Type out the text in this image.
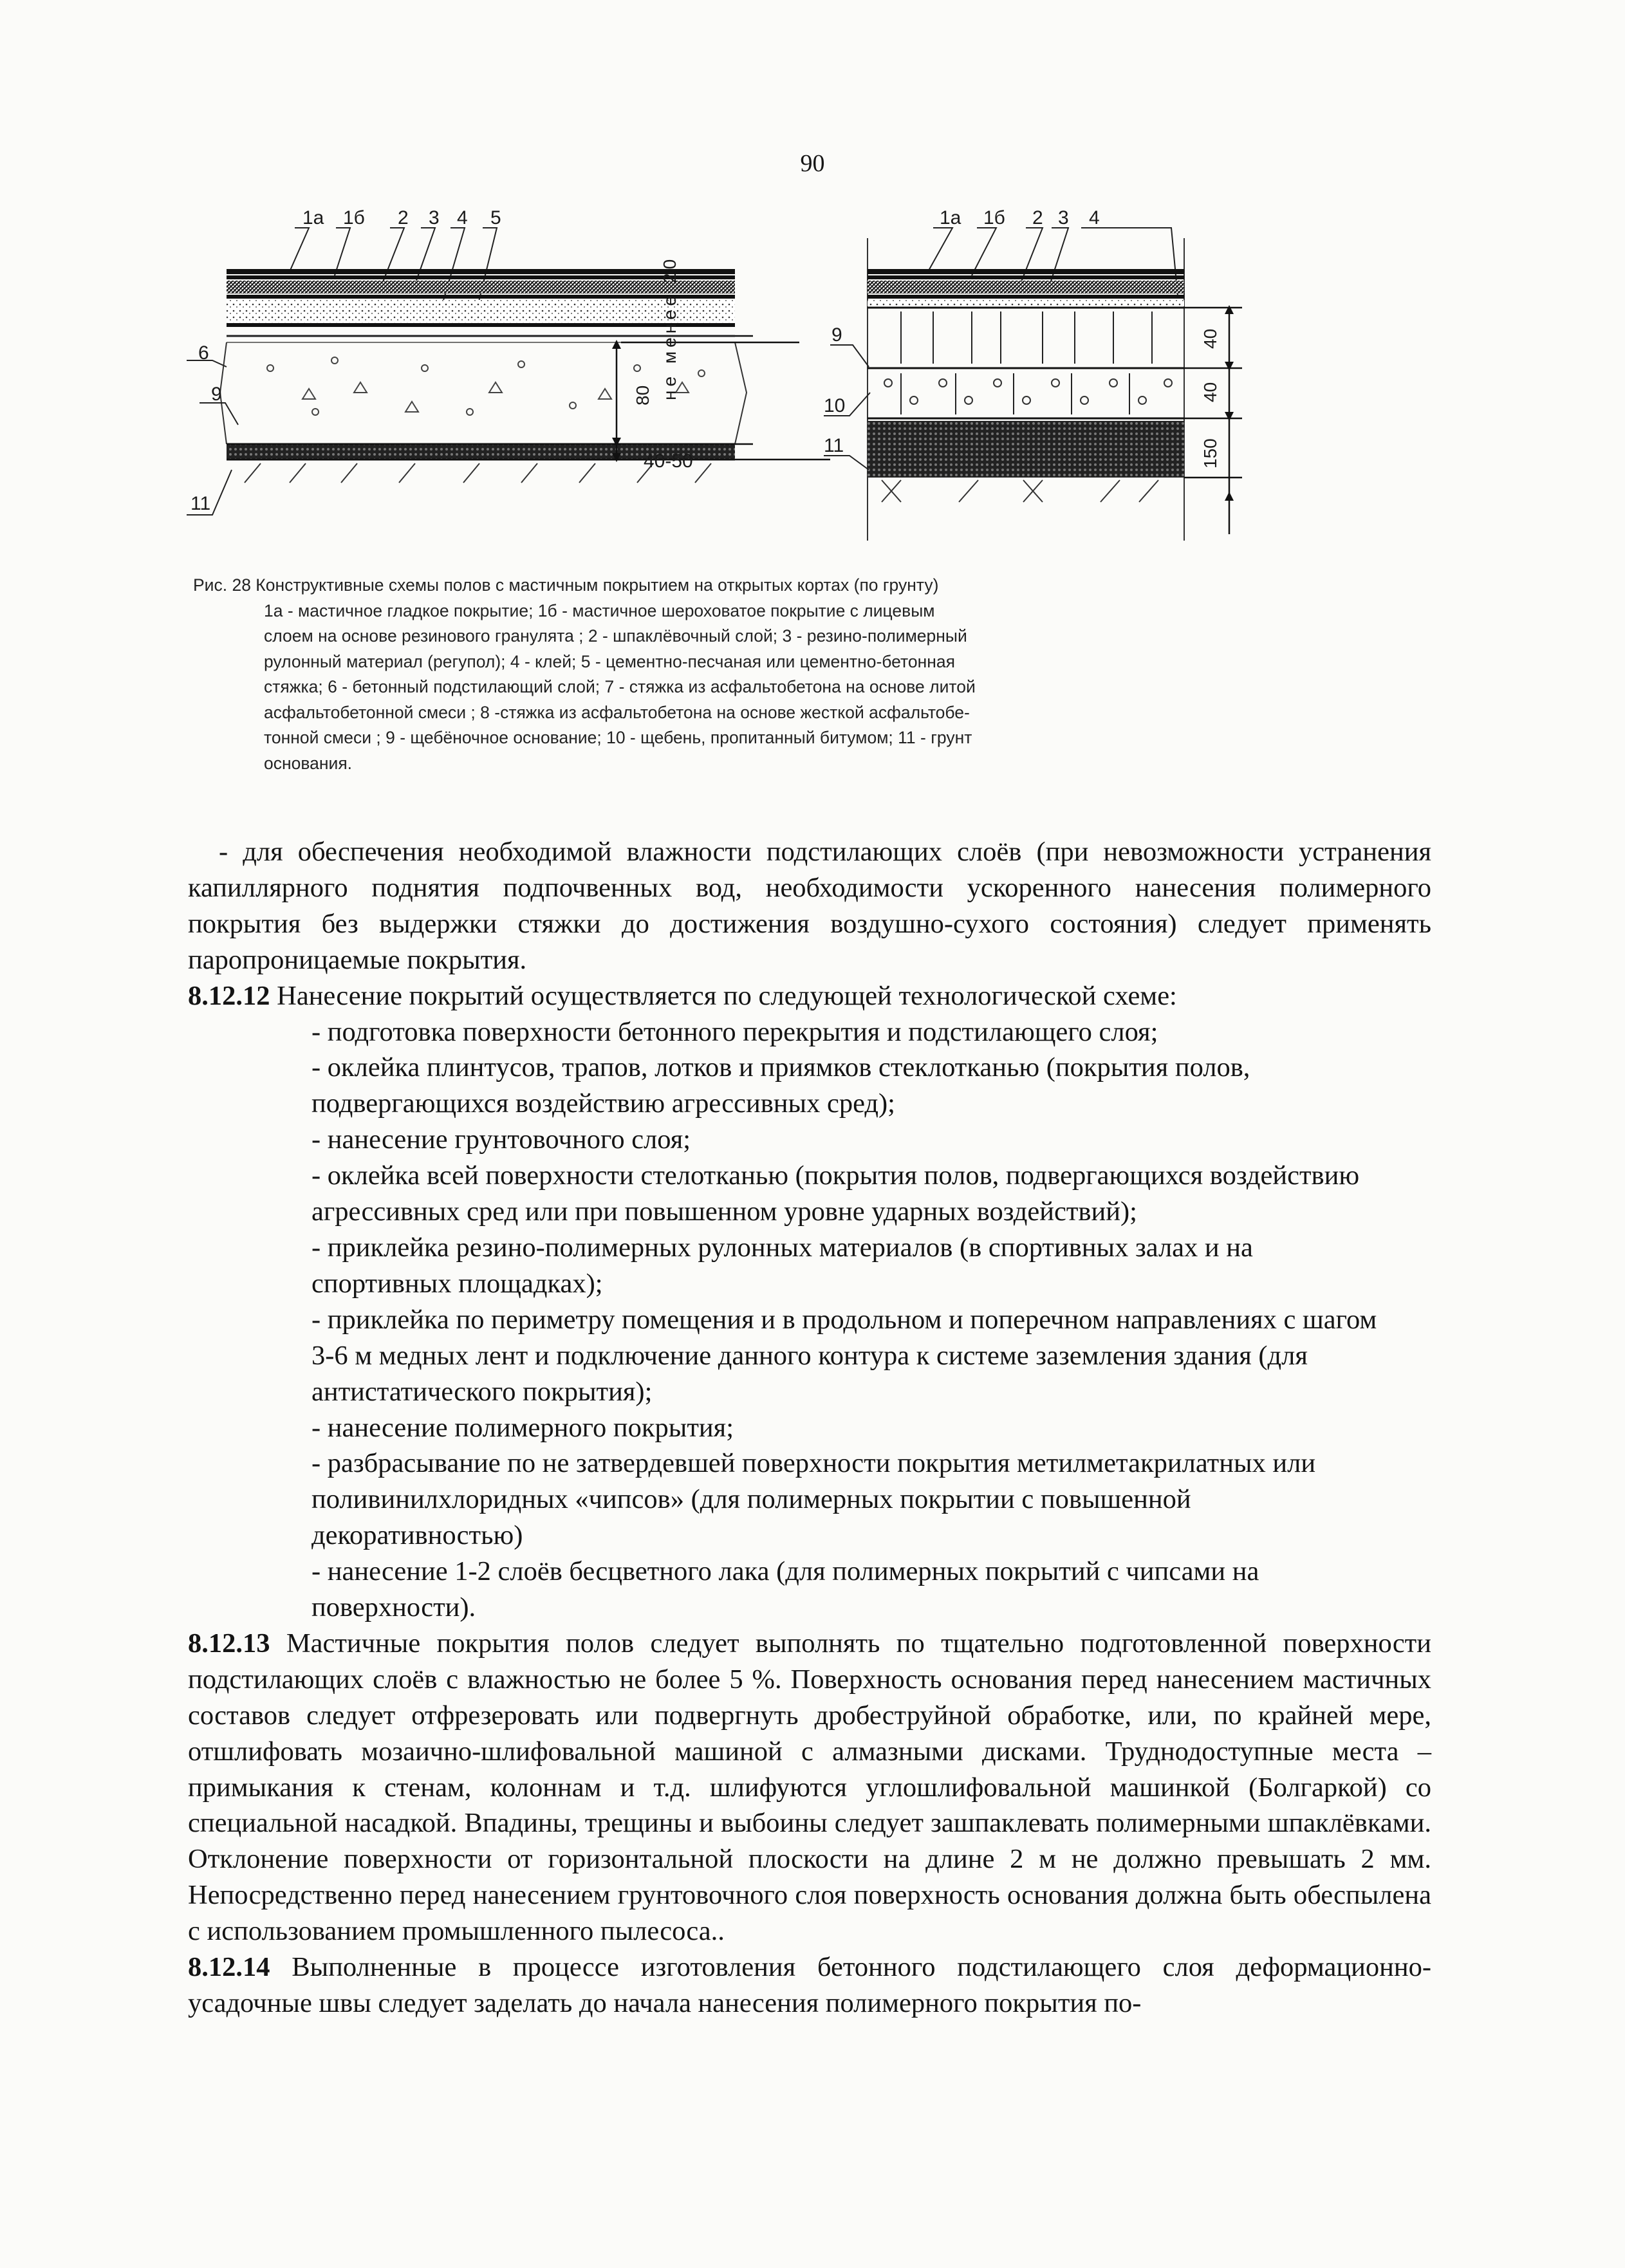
90
1а 1б 2 3 4 5
6
9
11
80
40-50
не менее 20
1а 1б 2 3 4
9
10
11
40
40
150

Рис. 28 Конструктивные схемы полов с мастичным покрытием на открытых кортах (по грунту)

1а - мастичное гладкое покрытие; 1б - мастичное шероховатое покрытие с лицевым

слоем на основе резинового гранулята ; 2 - шпаклёвочный слой; 3 - резино-полимерный

рулонный материал (регупол); 4 - клей; 5 - цементно-песчаная или цементно-бетонная

стяжка; 6 - бетонный подстилающий слой; 7 - стяжка из асфальтобетона на основе литой

асфальтобетонной смеси ; 8 -стяжка из асфальтобетона на основе жесткой асфальтобе-

тонной смеси ; 9 - щебёночное основание; 10 - щебень, пропитанный битумом; 11 - грунт

основания.

- для обеспечения необходимой влажности подстилающих слоёв (при невозможности устранения капиллярного поднятия подпочвенных вод, необходимости ускоренного нанесения полимерного покрытия без выдержки стяжки до достижения воздушно-сухого состояния) следует применять паропроницаемые покрытия.

8.12.12 Нанесение покрытий осуществляется по следующей технологической схеме:

- подготовка поверхности бетонного перекрытия и подстилающего слоя;

- оклейка плинтусов, трапов, лотков и приямков стеклотканью (покрытия полов, подвергающихся воздействию агрессивных сред);

- нанесение грунтовочного слоя;

- оклейка всей поверхности стелотканью (покрытия полов, подвергающихся воздействию агрессивных сред или при повышенном уровне ударных воздействий);

- приклейка резино-полимерных рулонных материалов (в спортивных залах и на спортивных площадках);

- приклейка по периметру помещения и в продольном и поперечном направлениях с шагом 3-6 м медных лент и подключение данного контура к системе заземления здания (для антистатического покрытия);

- нанесение полимерного покрытия;

- разбрасывание по не затвердевшей поверхности покрытия метилметакрилатных или поливинилхлоридных «чипсов» (для полимерных покрытии с повышенной декоративностью)

- нанесение 1-2 слоёв бесцветного лака (для полимерных покрытий с чипсами на поверхности).

8.12.13 Мастичные покрытия полов следует выполнять по тщательно подготовленной поверхности подстилающих слоёв с влажностью не более 5 %. Поверхность основания перед нанесением мастичных составов следует отфрезеровать или подвергнуть дробеструйной обработке, или, по крайней мере, отшлифовать мозаично-шлифовальной машиной с алмазными дисками. Труднодоступные места – примыкания к стенам, колоннам и т.д. шлифуются углошлифовальной машинкой (Болгаркой) со специальной насадкой. Впадины, трещины и выбоины следует зашпаклевать полимерными шпаклёвками. Отклонение поверхности от горизонтальной плоскости на длине 2 м не должно превышать 2 мм. Непосредственно перед нанесением грунтовочного слоя поверхность основания должна быть обеспылена с использованием промышленного пылесоса..

8.12.14 Выполненные в процессе изготовления бетонного подстилающего слоя деформационно-усадочные швы следует заделать до начала нанесения полимерного покрытия по-
